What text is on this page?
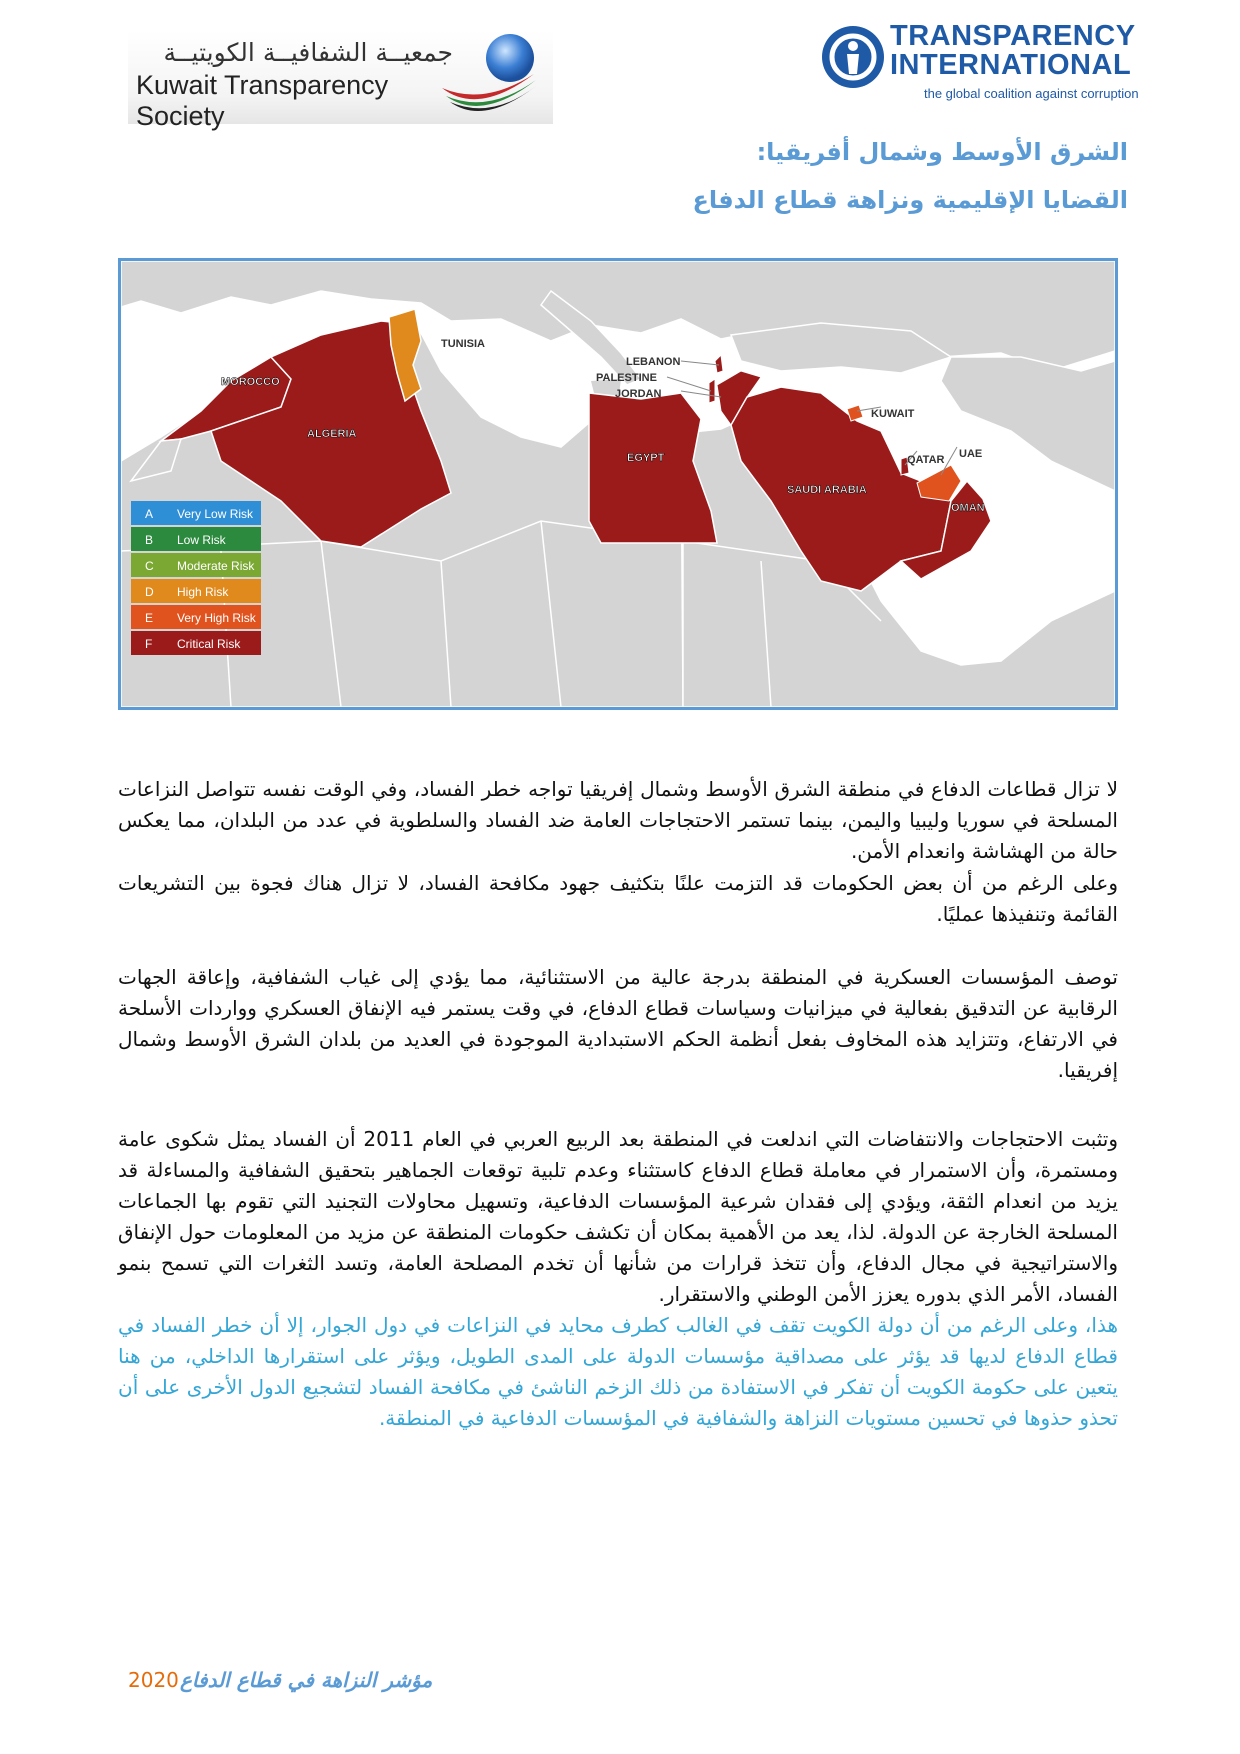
جمعيــة الشفافيــة الكويتيــة
Kuwait Transparency Society
TRANSPARENCY
INTERNATIONAL
the global coalition against corruption
الشرق الأوسط وشمال أفريقيا:
القضايا الإقليمية ونزاهة قطاع الدفاع
MOROCCO
ALGERIA
TUNISIA
LEBANON
PALESTINE
JORDAN
EGYPT
SAUDI ARABIA
KUWAIT
QATAR UAE
OMAN
A Very Low Risk
B Low Risk
C Moderate Risk
D High Risk
E Very High Risk
F Critical Risk

لا تزال قطاعات الدفاع في منطقة الشرق الأوسط وشمال إفريقيا تواجه خطر الفساد، وفي الوقت نفسه تتواصل النزاعات المسلحة في سوريا وليبيا واليمن، بينما تستمر الاحتجاجات العامة ضد الفساد والسلطوية في عدد من البلدان، مما يعكس حالة من الهشاشة وانعدام الأمن.

وعلى الرغم من أن بعض الحكومات قد التزمت علنًا بتكثيف جهود مكافحة الفساد، لا تزال هناك فجوة بين التشريعات القائمة وتنفيذها عمليًا.

توصف المؤسسات العسكرية في المنطقة بدرجة عالية من الاستثنائية، مما يؤدي إلى غياب الشفافية، وإعاقة الجهات الرقابية عن التدقيق بفعالية في ميزانيات وسياسات قطاع الدفاع، في وقت يستمر فيه الإنفاق العسكري وواردات الأسلحة في الارتفاع، وتتزايد هذه المخاوف بفعل أنظمة الحكم الاستبدادية الموجودة في العديد من بلدان الشرق الأوسط وشمال إفريقيا.

وتثبت الاحتجاجات والانتفاضات التي اندلعت في المنطقة بعد الربيع العربي في العام 2011 أن الفساد يمثل شكوى عامة ومستمرة، وأن الاستمرار في معاملة قطاع الدفاع كاستثناء وعدم تلبية توقعات الجماهير بتحقيق الشفافية والمساءلة قد يزيد من انعدام الثقة، ويؤدي إلى فقدان شرعية المؤسسات الدفاعية، وتسهيل محاولات التجنيد التي تقوم بها الجماعات المسلحة الخارجة عن الدولة. لذا، يعد من الأهمية بمكان أن تكشف حكومات المنطقة عن مزيد من المعلومات حول الإنفاق والاستراتيجية في مجال الدفاع، وأن تتخذ قرارات من شأنها أن تخدم المصلحة العامة، وتسد الثغرات التي تسمح بنمو الفساد، الأمر الذي بدوره يعزز الأمن الوطني والاستقرار.

هذا، وعلى الرغم من أن دولة الكويت تقف في الغالب كطرف محايد في النزاعات في دول الجوار، إلا أن خطر الفساد في قطاع الدفاع لديها قد يؤثر على مصداقية مؤسسات الدولة على المدى الطويل، ويؤثر على استقرارها الداخلي، من هنا يتعين على حكومة الكويت أن تفكر في الاستفادة من ذلك الزخم الناشئ في مكافحة الفساد لتشجيع الدول الأخرى على أن تحذو حذوها في تحسين مستويات النزاهة والشفافية في المؤسسات الدفاعية في المنطقة.

2020 مؤشر النزاهة في قطاع الدفاع
